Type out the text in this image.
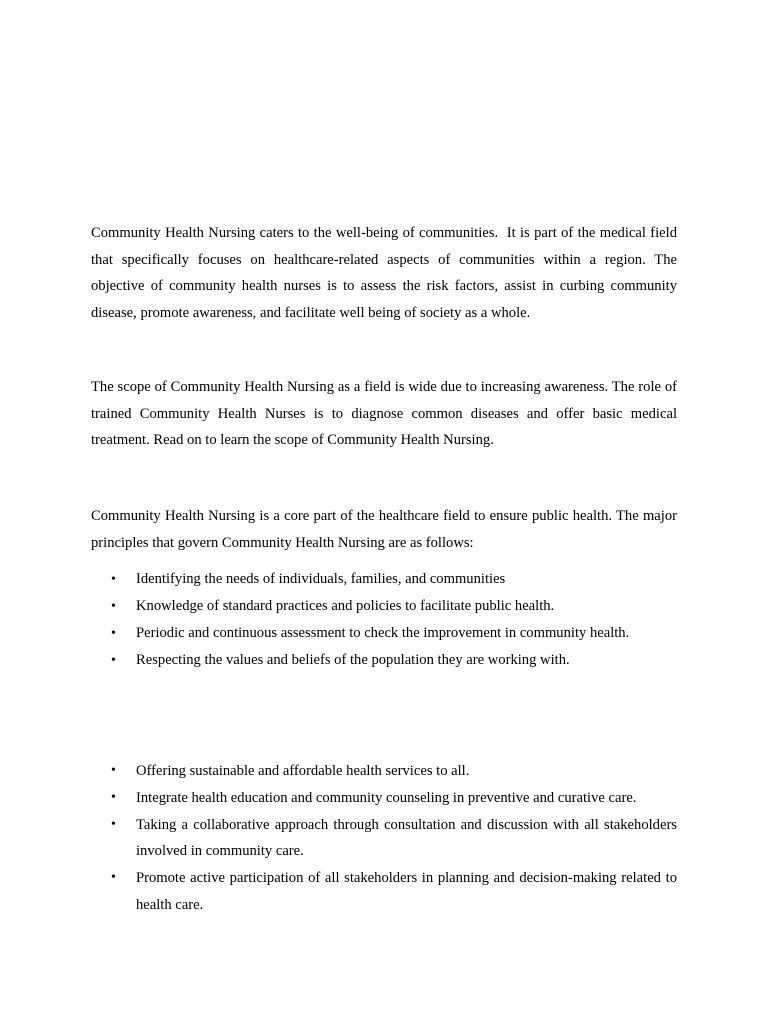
Community Health Nursing caters to the well-being of communities.  It is part of the medical field that specifically focuses on healthcare-related aspects of communities within a region. The objective of community health nurses is to assess the risk factors, assist in curbing community disease, promote awareness, and facilitate well being of society as a whole.

The scope of Community Health Nursing as a field is wide due to increasing awareness. The role of trained Community Health Nurses is to diagnose common diseases and offer basic medical treatment. Read on to learn the scope of Community Health Nursing.

Community Health Nursing is a core part of the healthcare field to ensure public health. The major principles that govern Community Health Nursing are as follows:

• Identifying the needs of individuals, families, and communities
• Knowledge of standard practices and policies to facilitate public health.
• Periodic and continuous assessment to check the improvement in community health.
• Respecting the values and beliefs of the population they are working with.
• Offering sustainable and affordable health services to all.
• Integrate health education and community counseling in preventive and curative care.
• Taking a collaborative approach through consultation and discussion with all stakeholders involved in community care.
• Promote active participation of all stakeholders in planning and decision-making related to health care.
